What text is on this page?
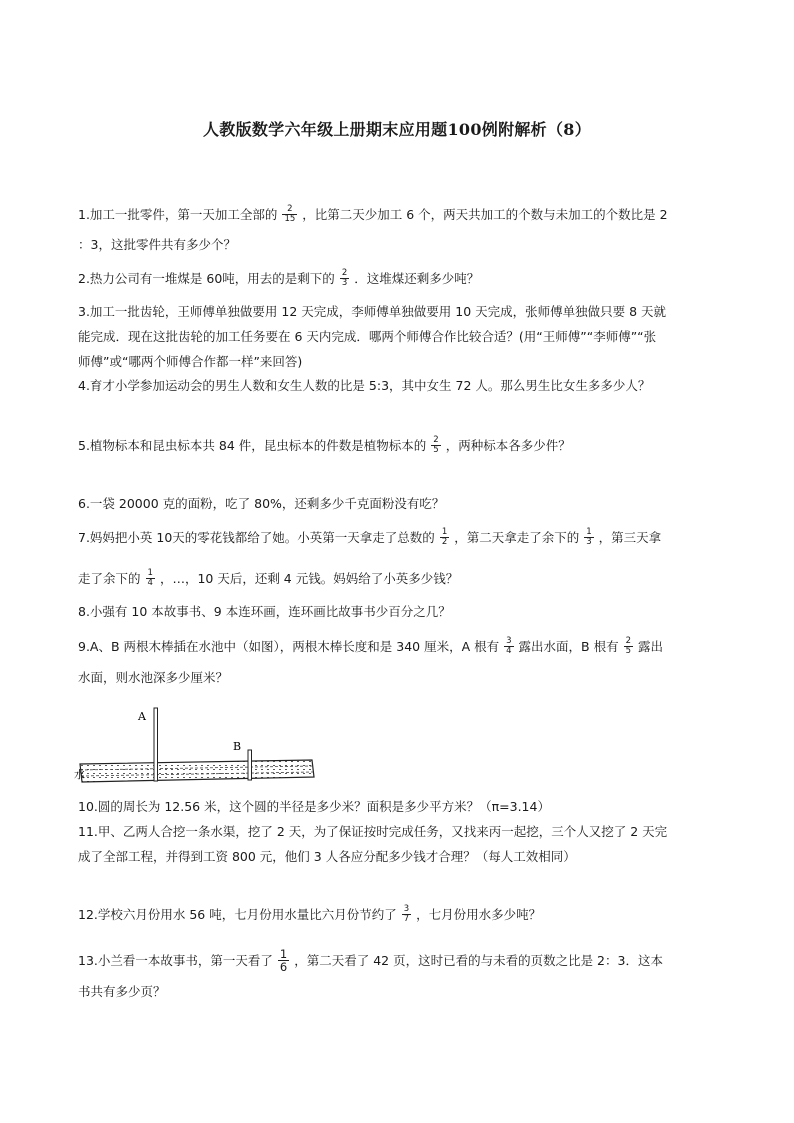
人教版数学六年级上册期末应用题100例附解析（8）
1.加工一批零件，第一天加工全部的 $\frac{2}{15}$ ，比第二天少加工 6 个，两天共加工的个数与未加工的个数比是 2
：3，这批零件共有多少个？
2.热力公司有一堆煤是 60吨，用去的是剩下的 $\frac{2}{3}$ ．这堆煤还剩多少吨？
3.加工一批齿轮，王师傅单独做要用 12 天完成，李师傅单独做要用 10 天完成，张师傅单独做只要 8 天就
能完成．现在这批齿轮的加工任务要在 6 天内完成．哪两个师傅合作比较合适？(用“王师傅”“李师傅”“张
师傅”或“哪两个师傅合作都一样”来回答)
4.育才小学参加运动会的男生人数和女生人数的比是 5:3，其中女生 72 人。那么男生比女生多多少人？
5.植物标本和昆虫标本共 84 件，昆虫标本的件数是植物标本的 $\frac{2}{5}$ ，两种标本各多少件？
6.一袋 20000 克的面粉，吃了 80%，还剩多少千克面粉没有吃？
7.妈妈把小英 10天的零花钱都给了她。小英第一天拿走了总数的 $\frac{1}{2}$ ，第二天拿走了余下的 $\frac{1}{3}$ ，第三天拿
走了余下的 $\frac{1}{4}$ ，…，10 天后，还剩 4 元钱。妈妈给了小英多少钱？
8.小强有 10 本故事书、9 本连环画，连环画比故事书少百分之几？
9.A、B 两根木棒插在水池中（如图），两根木棒长度和是 340 厘米，A 根有 $\frac{3}{4}$ 露出水面，B 根有 $\frac{2}{5}$ 露出
水面，则水池深多少厘米？
A
B
水
10.圆的周长为 12.56 米，这个圆的半径是多少米？面积是多少平方米？（π=3.14）
11.甲、乙两人合挖一条水渠，挖了 2 天，为了保证按时完成任务，又找来丙一起挖，三个人又挖了 2 天完
成了全部工程，并得到工资 800 元，他们 3 人各应分配多少钱才合理？（每人工效相同）
12.学校六月份用水 56 吨，七月份用水量比六月份节约了 $\frac{3}{7}$ ，七月份用水多少吨？
13.小兰看一本故事书，第一天看了 $\frac{1}{6}$ ，第二天看了 42 页，这时已看的与未看的页数之比是 2：3．这本
书共有多少页？
